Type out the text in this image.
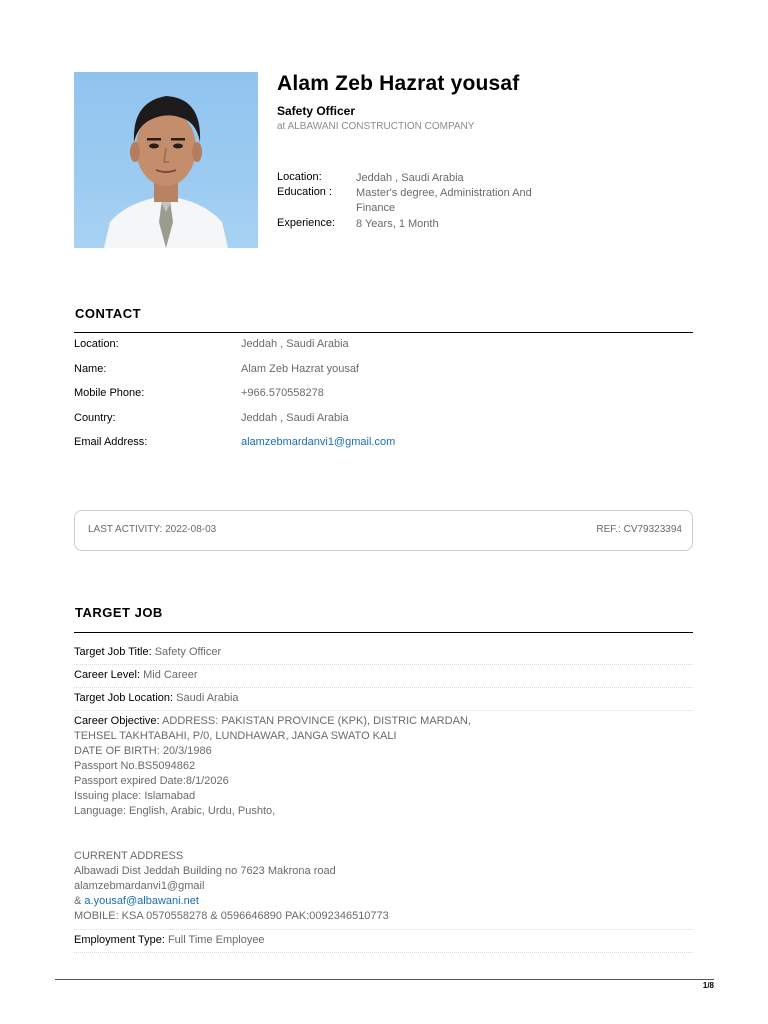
Alam Zeb Hazrat yousaf
Safety Officer
at ALBAWANI CONSTRUCTION COMPANY
Location:	Jeddah , Saudi Arabia
Education : Master's degree, Administration And
Finance
Experience: 8 Years, 1 Month
CONTACT
Location:	Jeddah , Saudi Arabia
Name:	Alam Zeb Hazrat yousaf
Mobile Phone:	+966.570558278
Country:	Jeddah , Saudi Arabia
Email Address:	alamzebmardanvi1@gmail.com
LAST ACTIVITY: 2022-08-03	REF.: CV79323394
TARGET JOB
Target Job Title: Safety Officer
Career Level: Mid Career
Target Job Location: Saudi Arabia
Career Objective: ADDRESS: PAKISTAN PROVINCE (KPK), DISTRIC MARDAN,
TEHSEL TAKHTABAHI, P/0, LUNDHAWAR, JANGA SWATO KALI
DATE OF BIRTH: 20/3/1986
Passport No.BS5094862
Passport expired Date:8/1/2026
Issuing place: Islamabad
Language: English, Arabic, Urdu, Pushto,
CURRENT ADDRESS
Albawadi Dist Jeddah Building no 7623 Makrona road
alamzebmardanvi1@gmail
& a.yousaf@albawani.net
MOBILE: KSA 0570558278 & 0596646890 PAK:0092346510773
Employment Type: Full Time Employee
1/8
